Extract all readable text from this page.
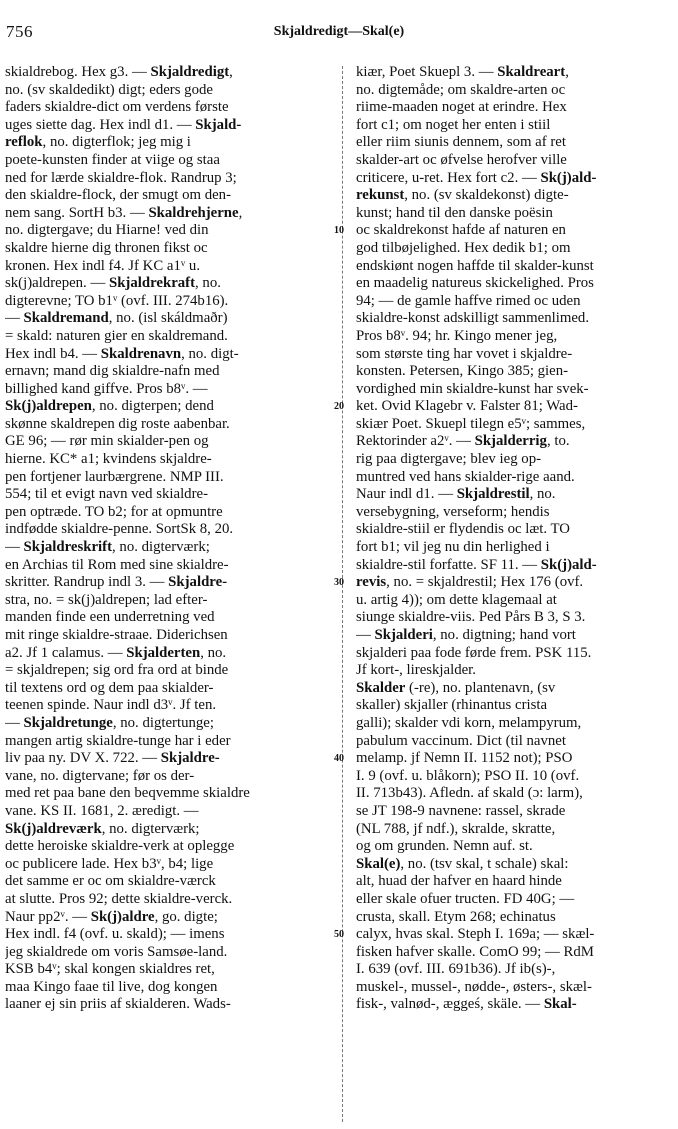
756	Skjaldredigt—Skal(e)
skialdrebog. Hex g3. — Skjaldredigt,
no. (sv skaldedikt) digt; eders gode
faders skialdre-dict om verdens første
uges siette dag. Hex indl d1. — Skjald-
reflok, no. digterflok; jeg mig i
poete-kunsten finder at viige og staa
ned for lærde skialdre-flok. Randrup 3;
den skialdre-flock, der smugt om den-
nem sang. SortH b3. — Skaldrehjerne,
no. digtergave; du Hiarne! ved din
skaldre hierne dig thronen fikst oc
kronen. Hex indl f4. Jf KC a1ᵛ u.
sk(j)aldrepen. — Skjaldrekraft, no.
digterevne; TO b1ᵛ (ovf. III. 274b16).
— Skaldremand, no. (isl skáldmaðr)
= skald: naturen gier en skaldremand.
Hex indl b4. — Skaldrenavn, no. digt-
ernavn; mand dig skialdre-nafn med
billighed kand giffve. Pros b8ᵛ. —
Sk(j)aldrepen, no. digterpen; dend
skønne skaldrepen dig roste aabenbar.
GE 96; — rør min skialder-pen og
hierne. KC* a1; kvindens skjaldre-
pen fortjener laurbærgrene. NMP III.
554; til et evigt navn ved skialdre-
pen optræde. TO b2; for at opmuntre
indfødde skialdre-penne. SortSk 8, 20.
— Skjaldreskrift, no. digterværk;
en Archias til Rom med sine skialdre-
skritter. Randrup indl 3. — Skjaldre-
stra, no. = sk(j)aldrepen; lad efter-
manden finde een underretning ved
mit ringe skialdre-straae. Diderichsen
a2. Jf 1 calamus. — Skjalderten, no.
= skjaldrepen; sig ord fra ord at binde
til textens ord og dem paa skialder-
teenen spinde. Naur indl d3ᵛ. Jf ten.
— Skjaldretunge, no. digtertunge;
mangen artig skialdre-tunge har i eder
liv paa ny. DV X. 722. — Skjaldre-
vane, no. digtervane; før os der-
med ret paa bane den beqvemme skialdre
vane. KS II. 1681, 2. æredigt. —
Sk(j)aldreværk, no. digterværk;
dette heroiske skialdre-verk at oplegge
oc publicere lade. Hex b3ᵛ, b4; lige
det samme er oc om skialdre-værck
at slutte. Pros 92; dette skialdre-verck.
Naur pp2ᵛ. — Sk(j)aldre, go. digte;
Hex indl. f4 (ovf. u. skald); — imens
jeg skialdrede om voris Samsøe-land.
KSB b4ᵛ; skal kongen skialdres ret,
maa Kingo faae til live, dog kongen
laaner ej sin priis af skialderen. Wads-
10
20
30
40
50
kiær, Poet Skuepl 3. — Skaldreart,
no. digtemåde; om skaldre-arten oc
riime-maaden noget at erindre. Hex
fort c1; om noget her enten i stiil
eller riim siunis dennem, som af ret
skalder-art oc øfvelse herofver ville
criticere, u-ret. Hex fort c2. — Sk(j)ald-
rekunst, no. (sv skaldekonst) digte-
kunst; hand til den danske poësin
oc skaldrekonst hafde af naturen en
god tilbøjelighed. Hex dedik b1; om
endskiønt nogen haffde til skalder-kunst
en maadelig natureus skickelighed. Pros
94; — de gamle haffve rimed oc uden
skialdre-konst adskilligt sammenlimed.
Pros b8ᵛ. 94; hr. Kingo mener jeg,
som største ting har vovet i skjaldre-
konsten. Petersen, Kingo 385; gien-
vordighed min skialdre-kunst har svek-
ket. Ovid Klagebr v. Falster 81; Wad-
skiær Poet. Skuepl tilegn e5ᵛ; sammes,
Rektorinder a2ᵛ. — Skjalderrig, to.
rig paa digtergave; blev ieg op-
muntred ved hans skialder-rige aand.
Naur indl d1. — Skjaldrestil, no.
versebygning, verseform; hendis
skialdre-stiil er flydendis oc læt. TO
fort b1; vil jeg nu din herlighed i
skialdre-stil forfatte. SF 11. — Sk(j)ald-
revis, no. = skjaldrestil; Hex 176 (ovf.
u. artig 4)); om dette klagemaal at
siunge skialdre-viis. Ped Pårs B 3, S 3.
— Skjalderi, no. digtning; hand vort
skjalderi paa fode førde frem. PSK 115.
Jf kort-, lireskjalder.
Skalder (-re), no. plantenavn, (sv
skaller) skjaller (rhinantus crista
galli); skalder vdi korn, melampyrum,
pabulum vaccinum. Dict (til navnet
melamp. jf Nemn II. 1152 not); PSO
I. 9 (ovf. u. blåkorn); PSO II. 10 (ovf.
II. 713b43). Afledn. af skald (ɔ: larm),
se JT 198-9 navnene: rassel, skrade
(NL 788, jf ndf.), skralde, skratte,
og om grunden. Nemn auf. st.
Skal(e), no. (tsv skal, t schale) skal:
alt, huad der hafver en haard hinde
eller skale ofuer tructen. FD 40G; —
crusta, skall. Etym 268; echinatus
calyx, hvas skal. Steph I. 169a; — skæl-
fisken hafver skalle. ComO 99; — RdM
I. 639 (ovf. III. 691b36). Jf ib(s)-,
muskel-, mussel-, nødde-, østers-, skæl-
fisk-, valnød-, æggeś, skäle. — Skal-
